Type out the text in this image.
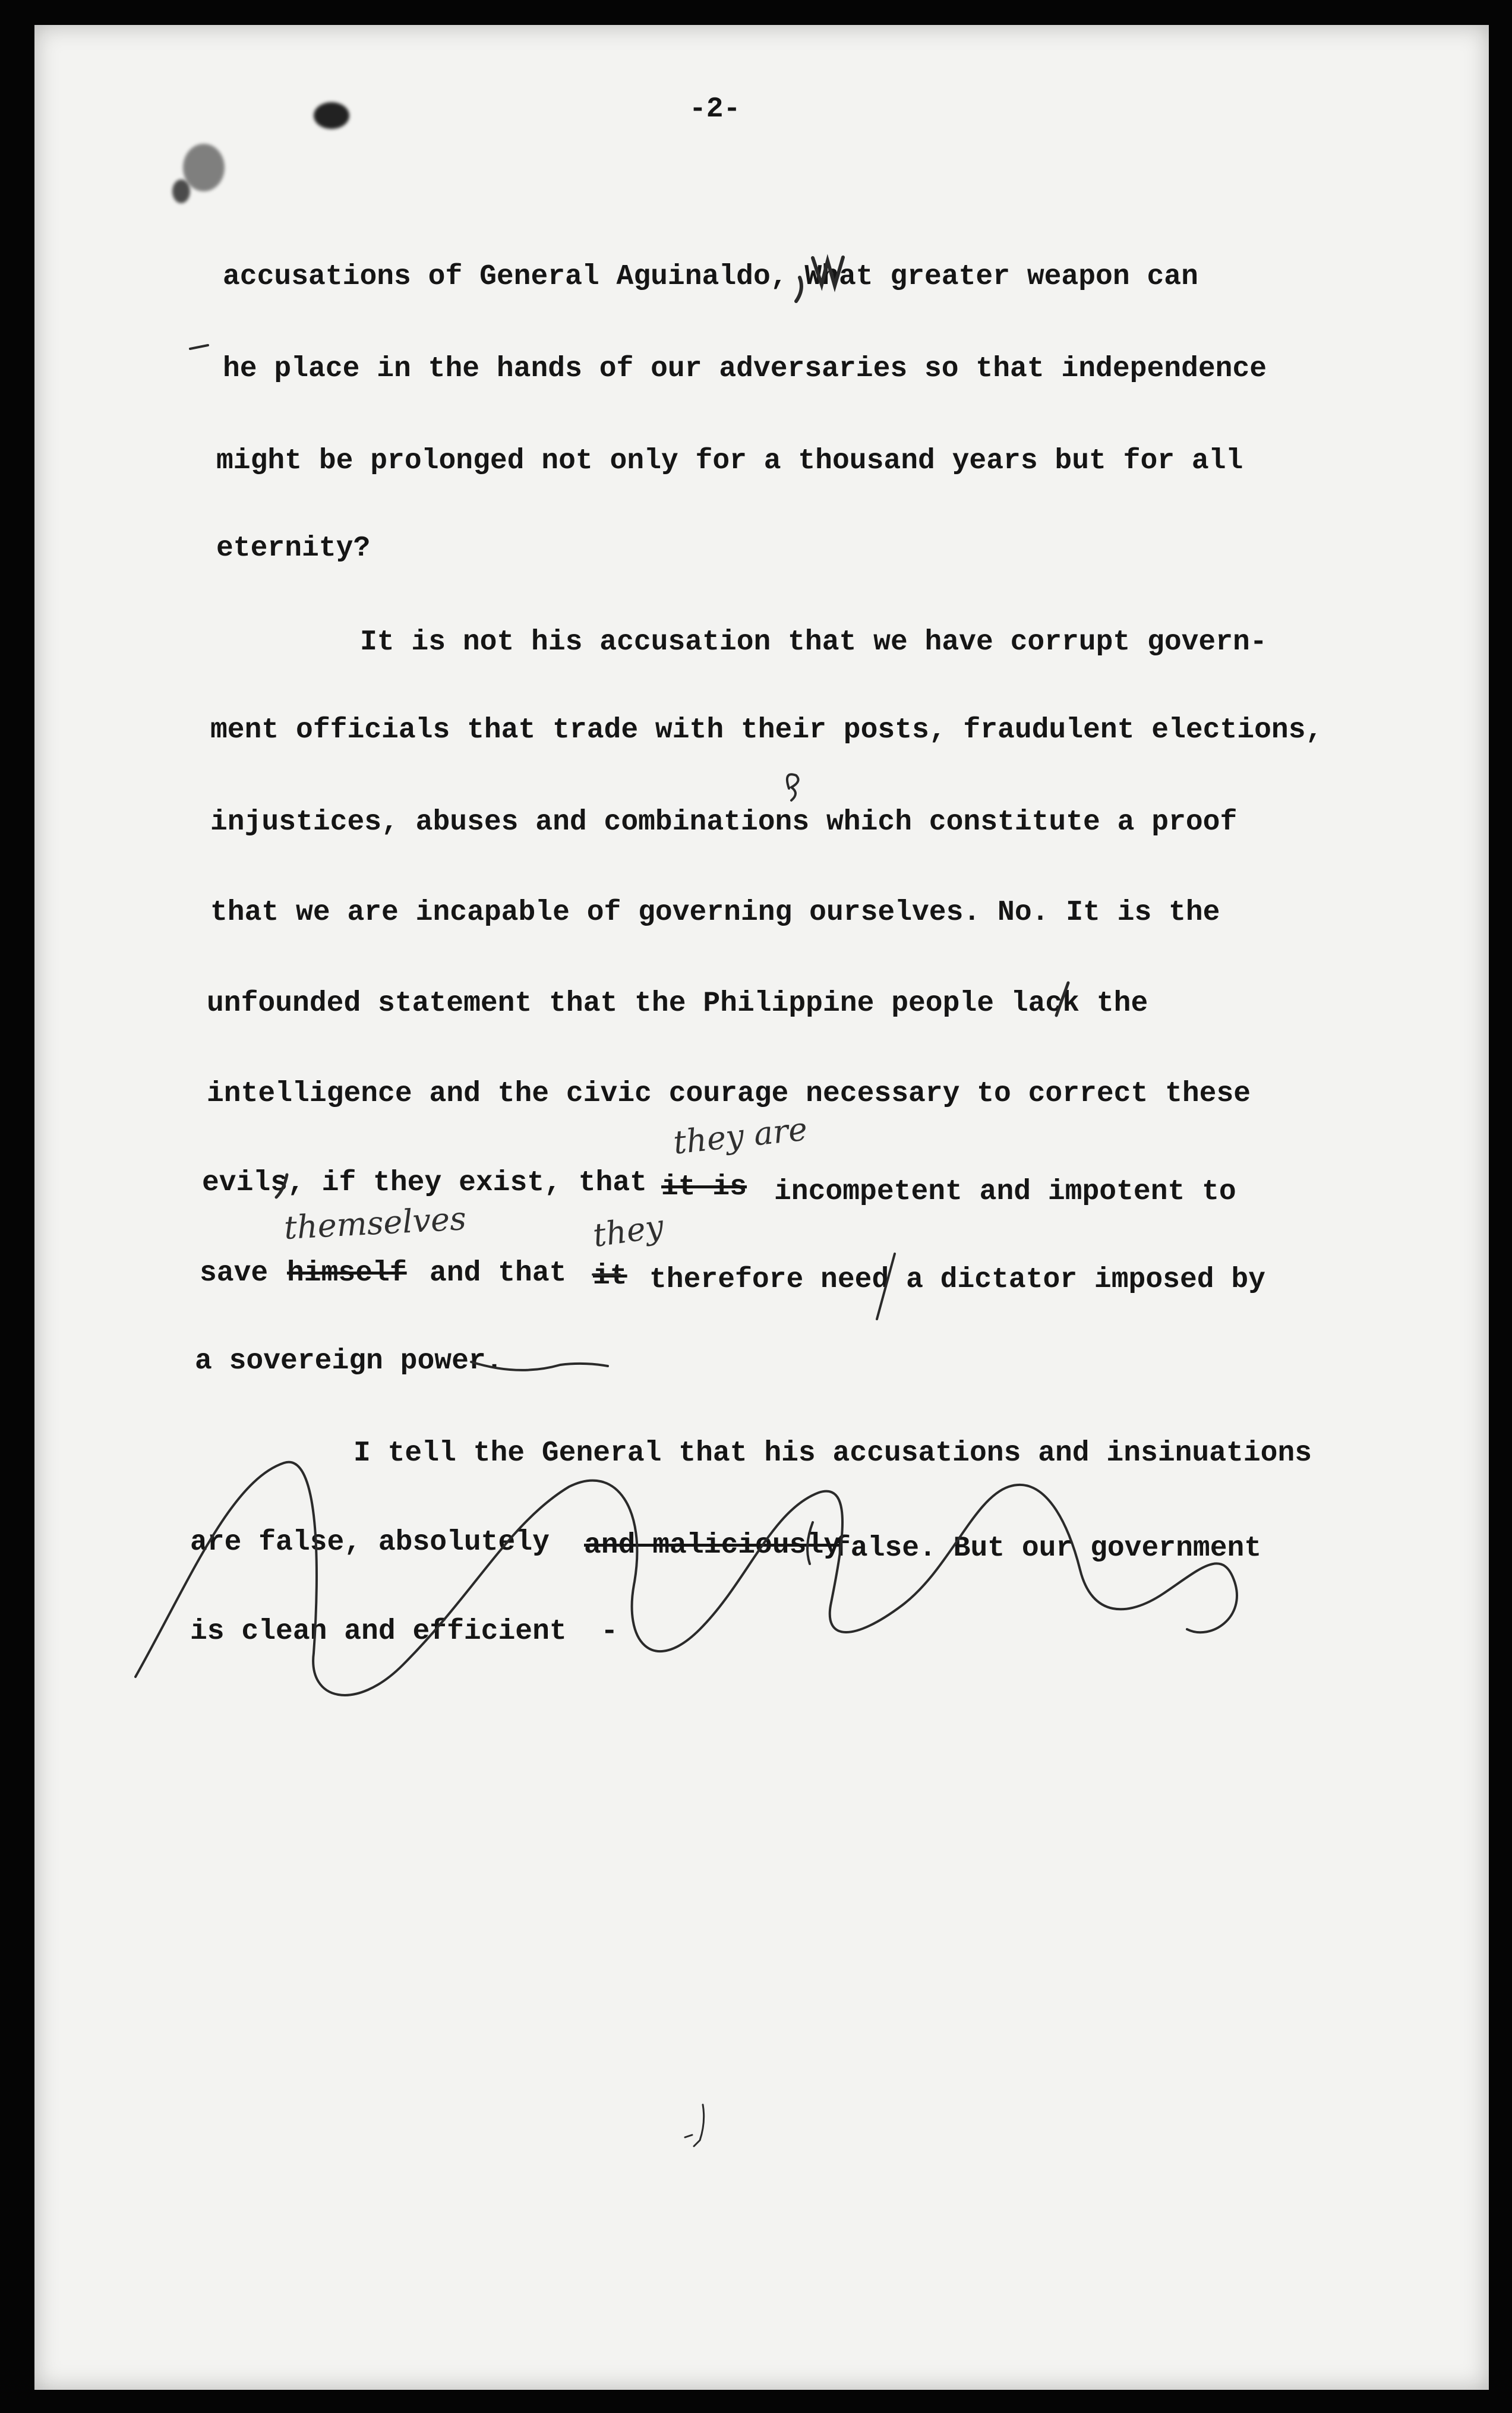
-2-
accusations of General Aguinaldo, What greater weapon can
he place in the hands of our adversaries so that independence
might be prolonged not only for a thousand years but for all
eternity?
It is not his accusation that we have corrupt govern-
ment officials that trade with their posts, fraudulent elections,
injustices, abuses and combinations which constitute a proof
that we are incapable of governing ourselves. No. It is the
unfounded statement that the Philippine people lack the
intelligence and the civic courage necessary to correct these
evils, if they exist, that it is incompetent and impotent to
they are
save himself and that it therefore need a dictator imposed by
themselves	they
a sovereign power.
I tell the General that his accusations and insinuations
are false, absolutely and maliciously
false. But our government
is clean and efficient  -
